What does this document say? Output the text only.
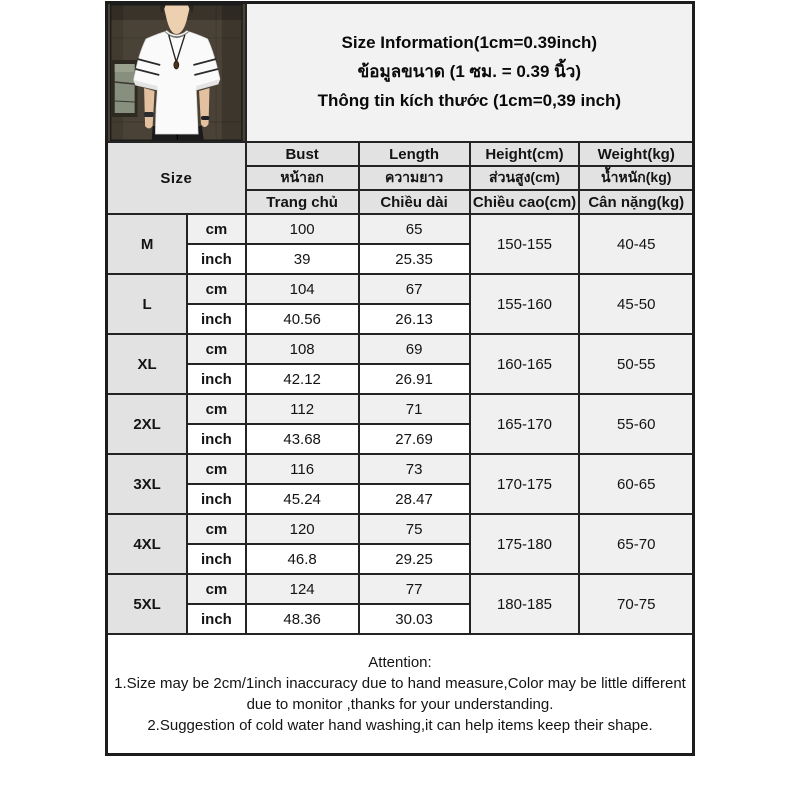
Size Information(1cm=0.39inch)
ข้อมูลขนาด (1 ซม. = 0.39 นิ้ว)
Thông tin kích thước (1cm=0,39 inch)			

Size		Bust	Length	Height(cm)	Weight(kg)
		หน้าอก	ความยาว	ส่วนสูง(cm)	น้ำหนัก(kg)
		Trang chủ	Chiều dài	Chiều cao(cm)	Cân nặng(kg)
M	cm	100	65	150-155	40-45
	inch	39	25.35		
L	cm	104	67	155-160	45-50
	inch	40.56	26.13		
XL	cm	108	69	160-165	50-55
	inch	42.12	26.91		
2XL	cm	112	71	165-170	55-60
	inch	43.68	27.69		
3XL	cm	116	73	170-175	60-65
	inch	45.24	28.47		
4XL	cm	120	75	175-180	65-70
	inch	46.8	29.25		
5XL	cm	124	77	180-185	70-75
	inch	48.36	30.03		

Attention:
1.Size may be 2cm/1inch inaccuracy due to hand measure,Color may be little different due to monitor ,thanks for your understanding.
2.Suggestion of cold water hand washing,it can help items keep their shape.					
